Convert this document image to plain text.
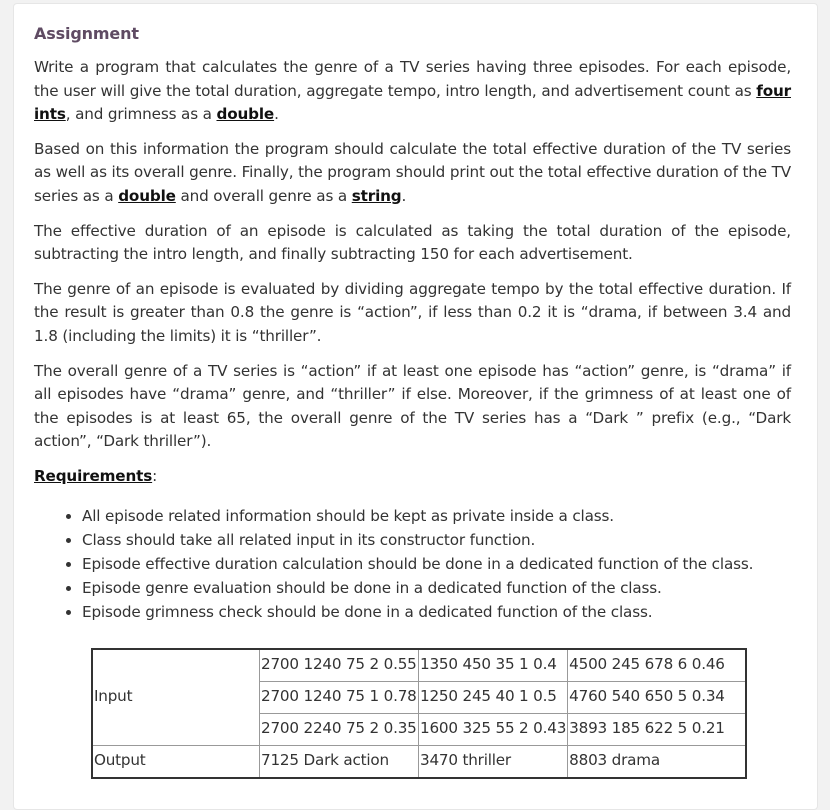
Assignment

Write a program that calculates the genre of a TV series having three episodes. For each episode, the user will give the total duration, aggregate tempo, intro length, and advertisement count as four ints, and grimness as a double.

Based on this information the program should calculate the total effective duration of the TV series as well as its overall genre. Finally, the program should print out the total effective duration of the TV series as a double and overall genre as a string.

The effective duration of an episode is calculated as taking the total duration of the episode, subtracting the intro length, and finally subtracting 150 for each advertisement.

The genre of an episode is evaluated by dividing aggregate tempo by the total effective duration. If the result is greater than 0.8 the genre is “action”, if less than 0.2 it is “drama, if between 3.4 and 1.8 (including the limits) it is “thriller”.

The overall genre of a TV series is “action” if at least one episode has “action” genre, is “drama” if all episodes have “drama” genre, and “thriller” if else. Moreover, if the grimness of at least one of the episodes is at least 65, the overall genre of the TV series has a “Dark ” prefix (e.g., “Dark action”, “Dark thriller”).

Requirements:
• All episode related information should be kept as private inside a class.
• Class should take all related input in its constructor function.
• Episode effective duration calculation should be done in a dedicated function of the class.
• Episode genre evaluation should be done in a dedicated function of the class.
• Episode grimness check should be done in a dedicated function of the class.
Input	2700 1240 75 2 0.55	1350 450 35 1 0.4	4500 245 678 6 0.46
	2700 1240 75 1 0.78	1250 245 40 1 0.5	4760 540 650 5 0.34
	2700 2240 75 2 0.35	1600 325 55 2 0.43	3893 185 622 5 0.21
Output	7125 Dark action	3470 thriller	8803 drama
